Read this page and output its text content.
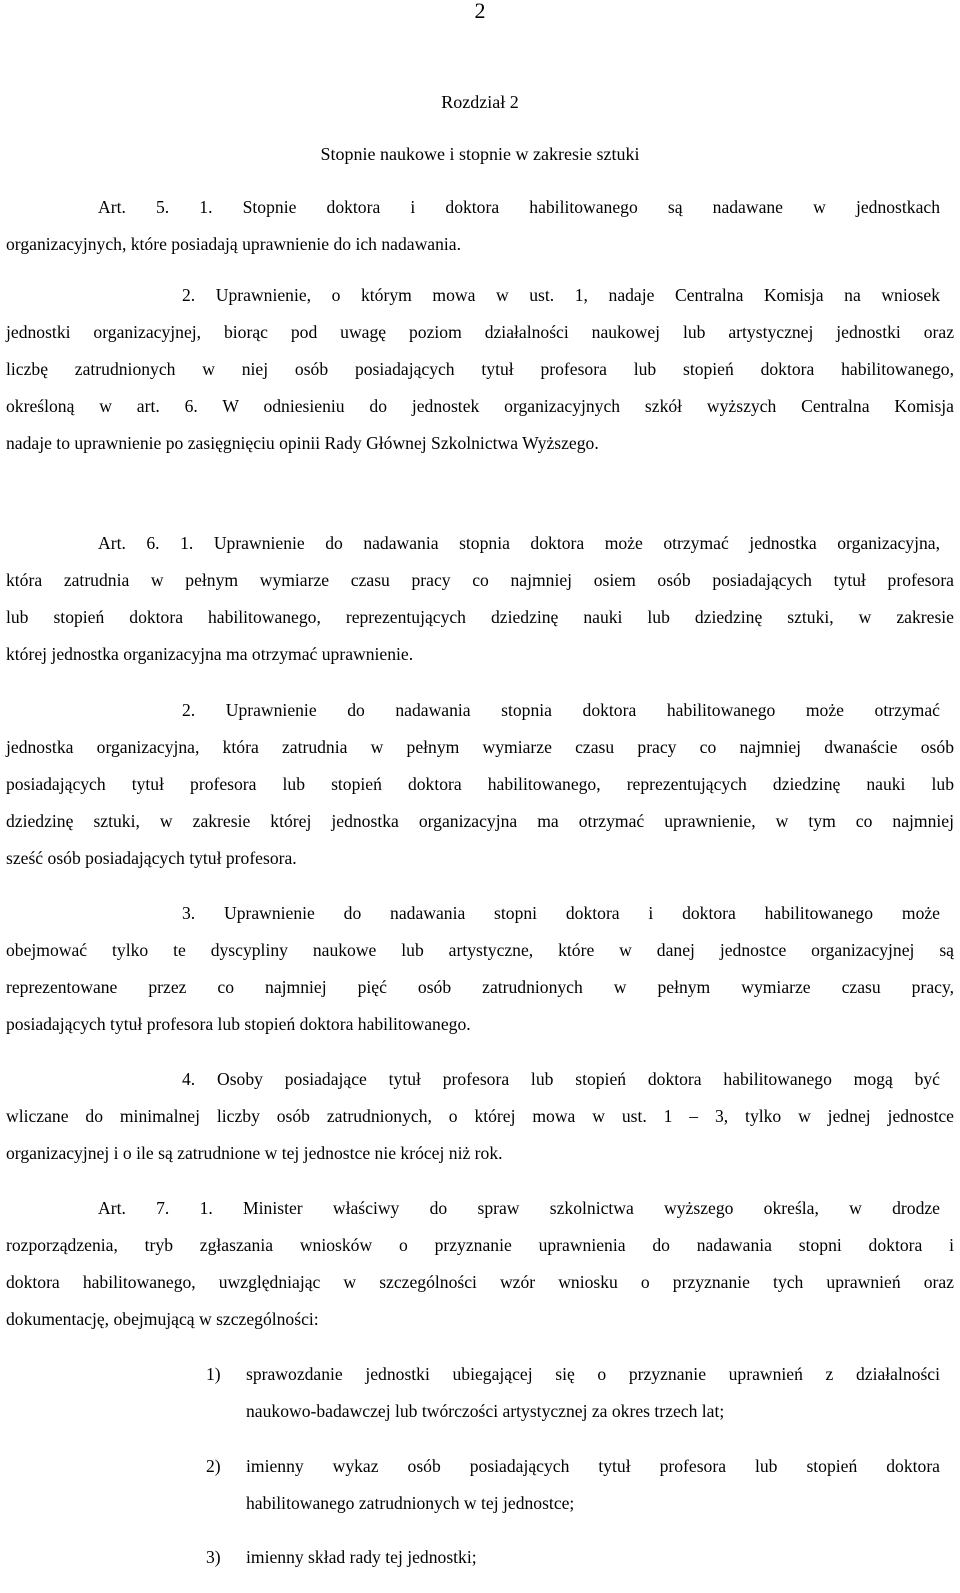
2
Rozdział 2
Stopnie naukowe i stopnie w zakresie sztuki
Art. 5. 1. Stopnie doktora i doktora habilitowanego są nadawane w jednostkach
organizacyjnych, które posiadają uprawnienie do ich nadawania.
2. Uprawnienie, o którym mowa w ust. 1, nadaje Centralna Komisja na wniosek
jednostki organizacyjnej, biorąc pod uwagę poziom działalności naukowej lub artystycznej jednostki oraz
liczbę zatrudnionych w niej osób posiadających tytuł profesora lub stopień doktora habilitowanego,
określoną w art. 6. W odniesieniu do jednostek organizacyjnych szkół wyższych Centralna Komisja
nadaje to uprawnienie po zasięgnięciu opinii Rady Głównej Szkolnictwa Wyższego.
Art. 6. 1. Uprawnienie do nadawania stopnia doktora może otrzymać jednostka organizacyjna,
która zatrudnia w pełnym wymiarze czasu pracy co najmniej osiem osób posiadających tytuł profesora
lub stopień doktora habilitowanego, reprezentujących dziedzinę nauki lub dziedzinę sztuki, w zakresie
której jednostka organizacyjna ma otrzymać uprawnienie.
2. Uprawnienie do nadawania stopnia doktora habilitowanego może otrzymać
jednostka organizacyjna, która zatrudnia w pełnym wymiarze czasu pracy co najmniej dwanaście osób
posiadających tytuł profesora lub stopień doktora habilitowanego, reprezentujących dziedzinę nauki lub
dziedzinę sztuki, w zakresie której jednostka organizacyjna ma otrzymać uprawnienie, w tym co najmniej
sześć osób posiadających tytuł profesora.
3. Uprawnienie do nadawania stopni doktora i doktora habilitowanego może
obejmować tylko te dyscypliny naukowe lub artystyczne, które w danej jednostce organizacyjnej są
reprezentowane przez co najmniej pięć osób zatrudnionych w pełnym wymiarze czasu pracy,
posiadających tytuł profesora lub stopień doktora habilitowanego.
4. Osoby posiadające tytuł profesora lub stopień doktora habilitowanego mogą być
wliczane do minimalnej liczby osób zatrudnionych, o której mowa w ust. 1 – 3, tylko w jednej jednostce
organizacyjnej i o ile są zatrudnione w tej jednostce nie krócej niż rok.
Art. 7. 1. Minister właściwy do spraw szkolnictwa wyższego określa, w drodze
rozporządzenia, tryb zgłaszania wniosków o przyznanie uprawnienia do nadawania stopni doktora i
doktora habilitowanego, uwzględniając w szczególności wzór wniosku o przyznanie tych uprawnień oraz
dokumentację, obejmującą w szczególności:
1) sprawozdanie jednostki ubiegającej się o przyznanie uprawnień z działalności
naukowo-badawczej lub twórczości artystycznej za okres trzech lat;
2) imienny wykaz osób posiadających tytuł profesora lub stopień doktora
habilitowanego zatrudnionych w tej jednostce;
3) imienny skład rady tej jednostki;
